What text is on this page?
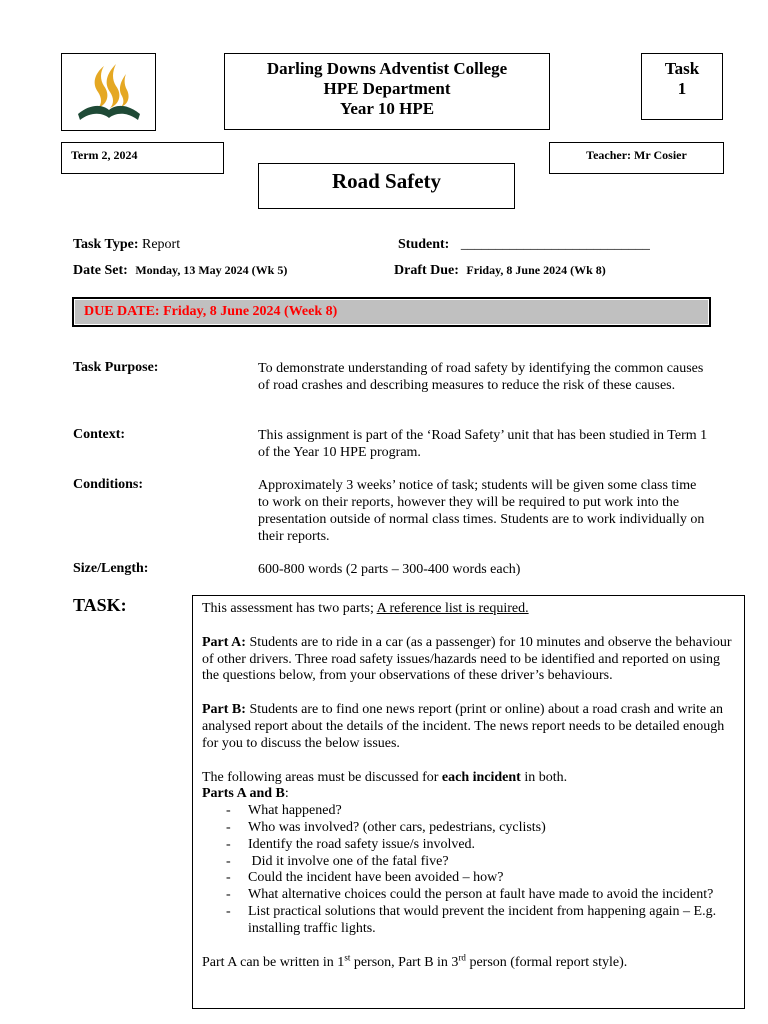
Darling Downs Adventist College
HPE Department
Year 10 HPE
Task
1
Term 2, 2024	Teacher: Mr Cosier
Road Safety
Task Type: Report	Student: ___________________________
Date Set: Monday, 13 May 2024 (Wk 5)	Draft Due: Friday, 8 June 2024 (Wk 8)
DUE DATE: Friday, 8 June 2024 (Week 8)
Task Purpose:	To demonstrate understanding of road safety by identifying the common causes of road crashes and describing measures to reduce the risk of these causes.
Context:	This assignment is part of the ‘Road Safety’ unit that has been studied in Term 1 of the Year 10 HPE program.
Conditions:	Approximately 3 weeks’ notice of task; students will be given some class time to work on their reports, however they will be required to put work into the presentation outside of normal class times. Students are to work individually on their reports.
Size/Length:	600-800 words (2 parts – 300-400 words each)
TASK:	This assessment has two parts; A reference list is required.

Part A: Students are to ride in a car (as a passenger) for 10 minutes and observe the behaviour of other drivers. Three road safety issues/hazards need to be identified and reported on using the questions below, from your observations of these driver’s behaviours.

Part B: Students are to find one news report (print or online) about a road crash and write an analysed report about the details of the incident. The news report needs to be detailed enough for you to discuss the below issues.

The following areas must be discussed for each incident in both.

Parts A and B:

- What happened?
- Who was involved? (other cars, pedestrians, cyclists)
- Identify the road safety issue/s involved.
-  Did it involve one of the fatal five?
- Could the incident have been avoided – how?
- What alternative choices could the person at fault have made to avoid the incident?
- List practical solutions that would prevent the incident from happening again – E.g. installing traffic lights.

Part A can be written in 1st person, Part B in 3rd person (formal report style).
